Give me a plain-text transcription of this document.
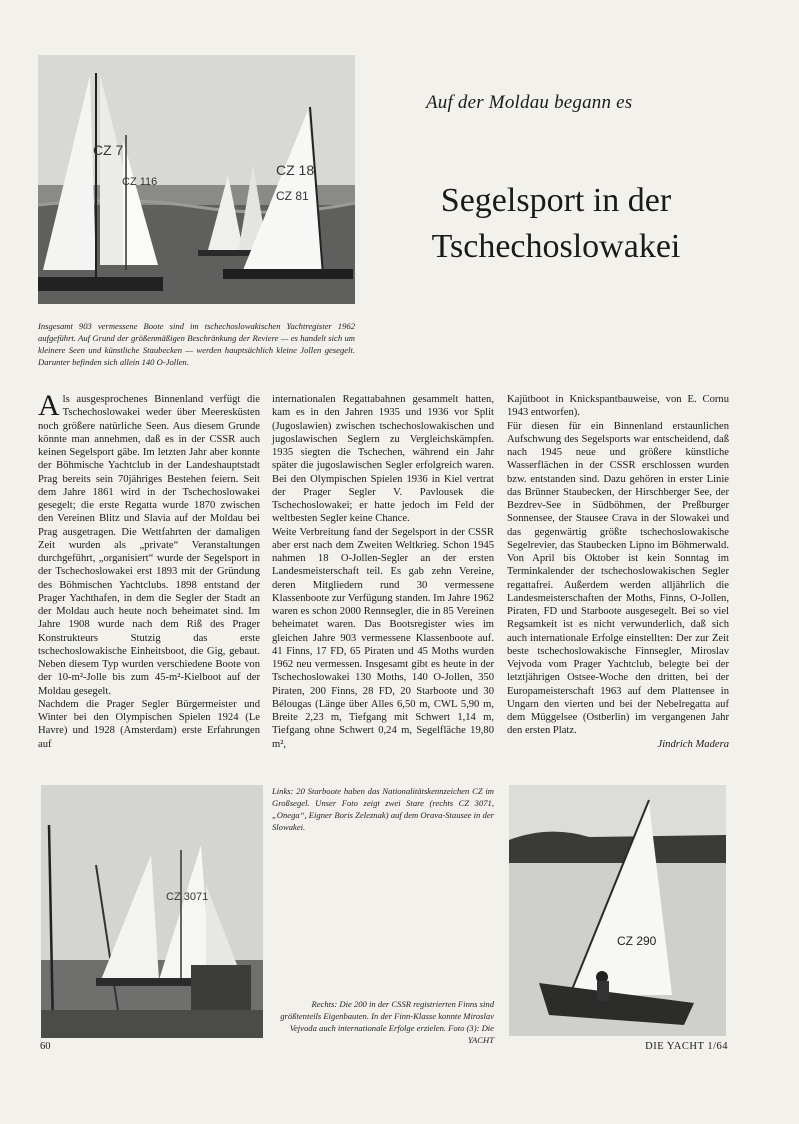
CZ 7
CZ 116
CZ 18
CZ 81
Auf der Moldau begann es
Segelsport in der
Tschechoslowakei
Insgesamt 903 vermessene Boote sind im tschechoslowakischen Yachtregister 1962 aufgeführt. Auf Grund der größenmäßigen Beschränkung der Reviere — es handelt sich um kleinere Seen und künstliche Staubecken — werden hauptsächlich kleine Jollen gesegelt. Darunter befinden sich allein 140 O-Jollen.

Als ausgesprochenes Binnenland verfügt die Tschechoslowakei weder über Meeresküsten noch größere natürliche Seen. Aus diesem Grunde könnte man annehmen, daß es in der CSSR auch keinen Segelsport gäbe. Im letzten Jahr aber konnte der Böhmische Yachtclub in der Landeshauptstadt Prag bereits sein 70jähriges Bestehen feiern. Seit dem Jahre 1861 wird in der Tschechoslowakei gesegelt; die erste Regatta wurde 1870 zwischen den Vereinen Blitz und Slavia auf der Moldau bei Prag ausgetragen. Die Wettfahrten der damaligen Zeit wurden als „private“ Veranstaltungen durchgeführt, „organisiert“ wurde der Segelsport in der Tschechoslowakei erst 1893 mit der Gründung des Böhmischen Yachtclubs. 1898 entstand der Prager Yachthafen, in dem die Segler der Stadt an der Moldau auch heute noch beheimatet sind. Im Jahre 1908 wurde nach dem Riß des Prager Konstrukteurs Stutzig das erste tschechoslowakische Einheitsboot, die Gig, gebaut. Neben diesem Typ wurden verschiedene Boote von der 10-m²-Jolle bis zum 45-m²-Kielboot auf der Moldau gesegelt.

Nachdem die Prager Segler Bürgermeister und Winter bei den Olympischen Spielen 1924 (Le Havre) und 1928 (Amsterdam) erste Erfahrungen auf

internationalen Regattabahnen gesammelt hatten, kam es in den Jahren 1935 und 1936 vor Split (Jugoslawien) zwischen tschechoslowakischen und jugoslawischen Seglern zu Vergleichskämpfen. 1935 siegten die Tschechen, während ein Jahr später die jugoslawischen Segler erfolgreich waren. Bei den Olympischen Spielen 1936 in Kiel vertrat der Prager Segler V. Pavlousek die Tschechoslowakei; er hatte jedoch im Feld der weltbesten Segler keine Chance.

Weite Verbreitung fand der Segelsport in der CSSR aber erst nach dem Zweiten Weltkrieg. Schon 1945 nahmen 18 O-Jollen-Segler an der ersten Landesmeisterschaft teil. Es gab zehn Vereine, deren Mitgliedern rund 30 vermessene Klassenboote zur Verfügung standen. Im Jahre 1962 waren es schon 2000 Rennsegler, die in 85 Vereinen beheimatet waren. Das Bootsregister wies im gleichen Jahre 903 vermessene Klassenboote auf. 41 Finns, 17 FD, 65 Piraten und 45 Moths wurden 1962 neu vermessen. Insgesamt gibt es heute in der Tschechoslowakei 130 Moths, 140 O-Jollen, 350 Piraten, 200 Finns, 28 FD, 20 Starboote und 30 Bélougas (Länge über Alles 6,50 m, CWL 5,90 m, Breite 2,23 m, Tiefgang mit Schwert 1,14 m, Tiefgang ohne Schwert 0,24 m, Segelfläche 19,80 m²,

Kajütboot in Knickspantbauweise, von E. Cornu 1943 entworfen).

Für diesen für ein Binnenland erstaunlichen Aufschwung des Segelsports war entscheidend, daß nach 1945 neue und größere künstliche Wasserflächen in der CSSR erschlossen wurden bzw. entstanden sind. Dazu gehören in erster Linie das Brünner Staubecken, der Hirschberger See, der Bezdrev-See in Südböhmen, der Preßburger Sonnensee, der Stausee Crava in der Slowakei und das gegenwärtig größte tschechoslowakische Segelrevier, das Staubecken Lipno im Böhmerwald. Von April bis Oktober ist kein Sonntag im Terminkalender der tschechoslowakischen Segler regattafrei. Außerdem werden alljährlich die Landesmeisterschaften der Moths, Finns, O-Jollen, Piraten, FD und Starboote ausgesegelt. Bei so viel Regsamkeit ist es nicht verwunderlich, daß sich auch internationale Erfolge einstellten: Der zur Zeit beste tschechoslowakische Finnsegler, Miroslav Vejvoda vom Prager Yachtclub, belegte bei der letztjährigen Ostsee-Woche den dritten, bei der Europameisterschaft 1963 auf dem Plattensee in Ungarn den vierten und bei der Nebelregatta auf dem Müggelsee (Ostberlin) im vergangenen Jahr den ersten Platz.

Jindrich Madera

CZ 3071
Links: 20 Starboote haben das Nationalitätskennzeichen CZ im Großsegel. Unser Foto zeigt zwei Stare (rechts CZ 3071, „Onega“, Eigner Boris Zeleznak) auf dem Orava-Stausee in der Slowakei.
Rechts: Die 200 in der CSSR registrierten Finns sind größtenteils Eigenbauten. In der Finn-Klasse konnte Miroslav Vejvoda auch internationale Erfolge erzielen. Foto (3): Die YACHT
CZ 290
60	DIE YACHT 1/64
